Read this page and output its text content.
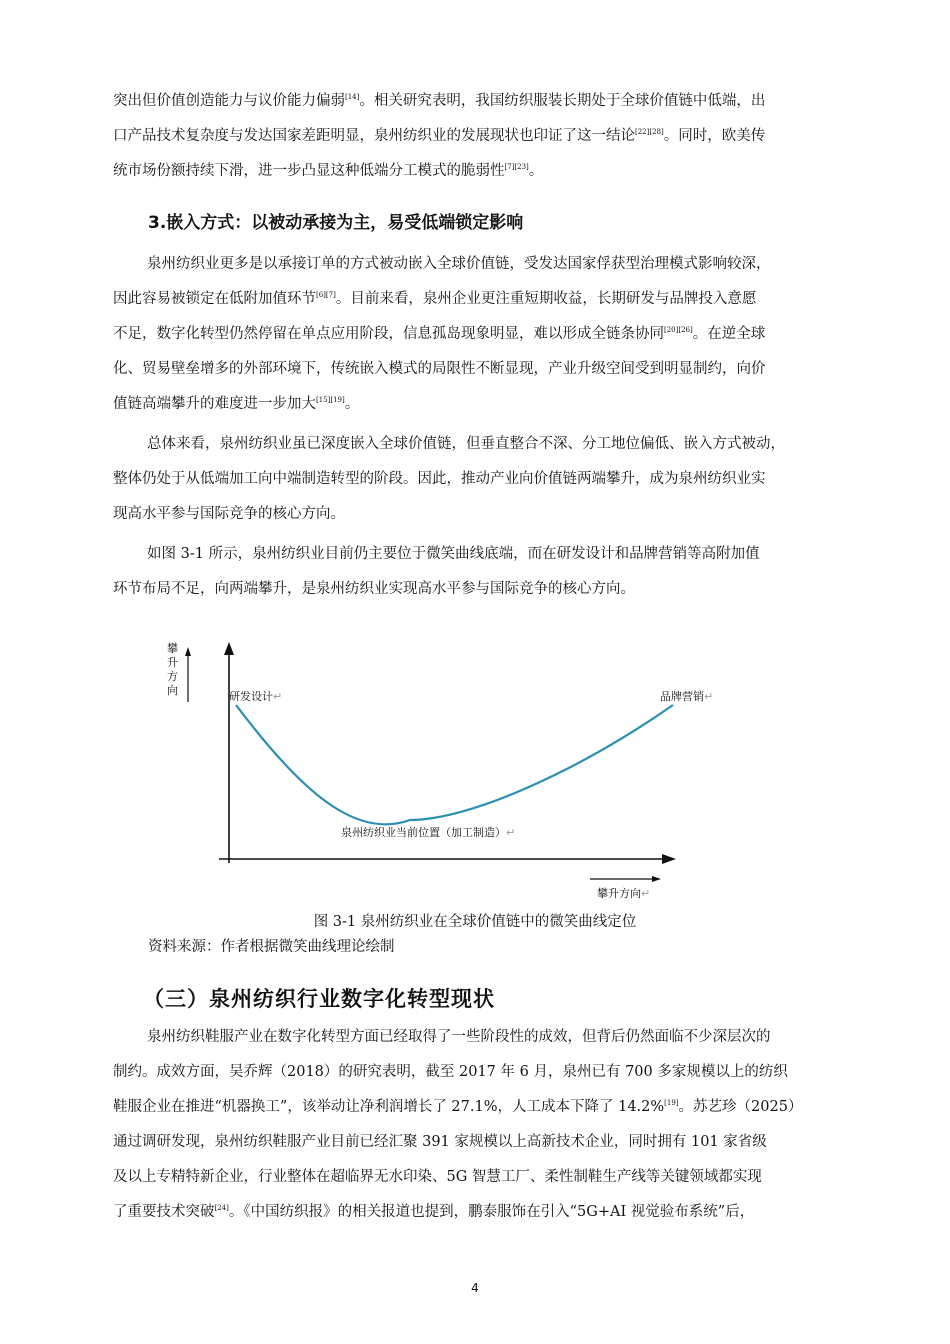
突出但价值创造能力与议价能力偏弱[14]。相关研究表明，我国纺织服装长期处于全球价值链中低端，出
口产品技术复杂度与发达国家差距明显，泉州纺织业的发展现状也印证了这一结论[22][28]。同时，欧美传
统市场份额持续下滑，进一步凸显这种低端分工模式的脆弱性[7][23]。
3.嵌入方式：以被动承接为主，易受低端锁定影响
泉州纺织业更多是以承接订单的方式被动嵌入全球价值链，受发达国家俘获型治理模式影响较深，
因此容易被锁定在低附加值环节[6][7]。目前来看，泉州企业更注重短期收益，长期研发与品牌投入意愿
不足，数字化转型仍然停留在单点应用阶段，信息孤岛现象明显，难以形成全链条协同[20][26]。在逆全球
化、贸易壁垒增多的外部环境下，传统嵌入模式的局限性不断显现，产业升级空间受到明显制约，向价
值链高端攀升的难度进一步加大[15][19]。
总体来看，泉州纺织业虽已深度嵌入全球价值链，但垂直整合不深、分工地位偏低、嵌入方式被动，
整体仍处于从低端加工向中端制造转型的阶段。因此，推动产业向价值链两端攀升，成为泉州纺织业实
现高水平参与国际竞争的核心方向。
如图 3-1 所示，泉州纺织业目前仍主要位于微笑曲线底端，而在研发设计和品牌营销等高附加值
环节布局不足，向两端攀升，是泉州纺织业实现高水平参与国际竞争的核心方向。
攀
升
方
向	研发设计↵	品牌营销↵
泉州纺织业当前位置（加工制造）↵
攀升方向↵

图 3-1 泉州纺织业在全球价值链中的微笑曲线定位

资料来源：作者根据微笑曲线理论绘制

（三）泉州纺织行业数字化转型现状
泉州纺织鞋服产业在数字化转型方面已经取得了一些阶段性的成效，但背后仍然面临不少深层次的
制约。成效方面，吴乔辉（2018）的研究表明，截至 2017 年 6 月，泉州已有 700 多家规模以上的纺织
鞋服企业在推进“机器换工”，该举动让净利润增长了 27.1%，人工成本下降了 14.2%[19]。苏艺珍（2025）
通过调研发现，泉州纺织鞋服产业目前已经汇聚 391 家规模以上高新技术企业，同时拥有 101 家省级
及以上专精特新企业，行业整体在超临界无水印染、5G 智慧工厂、柔性制鞋生产线等关键领域都实现
了重要技术突破[24]。《中国纺织报》的相关报道也提到，鹏泰服饰在引入“5G+AI 视觉验布系统”后，
4
